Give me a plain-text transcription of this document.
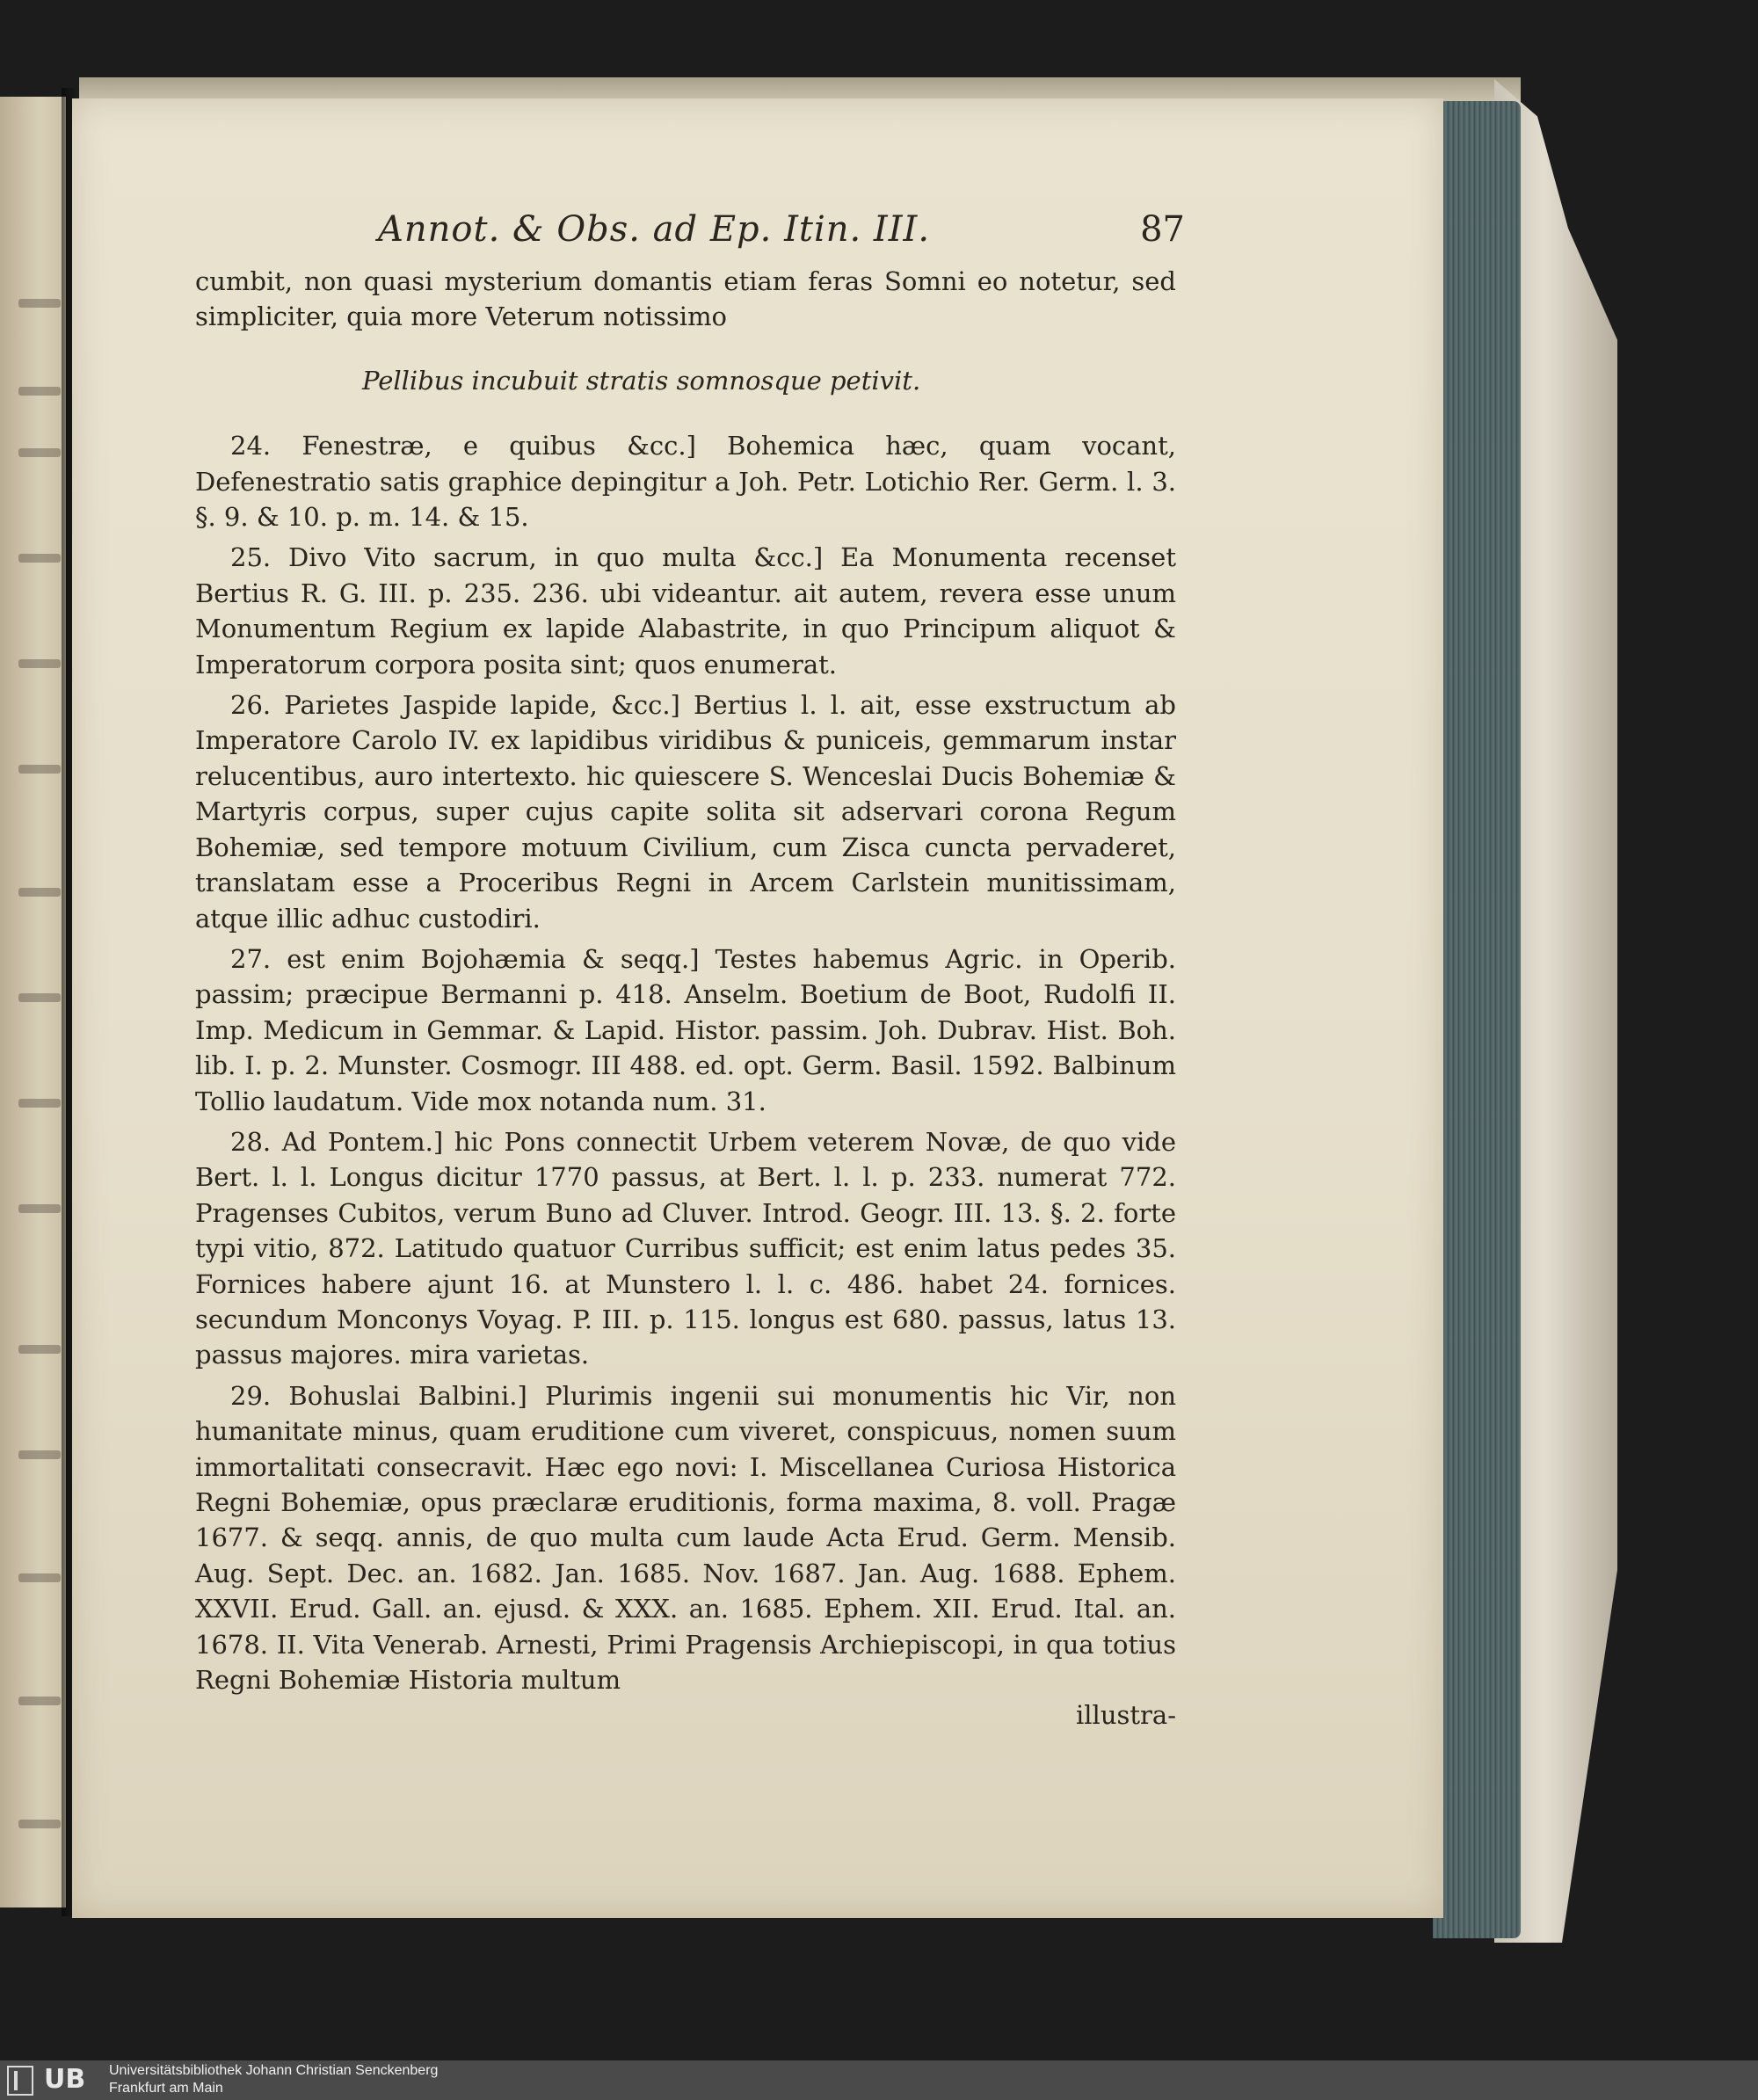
Annot. & Obs. ad Ep. Itin. III.	87

cumbit, non quasi mysterium domantis etiam feras Somni eo notetur, sed simpliciter, quia more Veterum notissimo

Pellibus incubuit stratis somnosque petivit.

24. Fenestræ, e quibus &cc.] Bohemica hæc, quam vocant, Defenestratio satis graphice depingitur a Joh. Petr. Lotichio Rer. Germ. l. 3. §. 9. & 10. p. m. 14. & 15.

25. Divo Vito sacrum, in quo multa &cc.] Ea Monumenta recenset Bertius R. G. III. p. 235. 236. ubi videantur. ait autem, revera esse unum Monumentum Regium ex lapide Alabastrite, in quo Principum aliquot & Imperatorum corpora posita sint; quos enumerat.

26. Parietes Jaspide lapide, &cc.] Bertius l. l. ait, esse exstructum ab Imperatore Carolo IV. ex lapidibus viridibus & puniceis, gemmarum instar relucentibus, auro intertexto. hic quiescere S. Wenceslai Ducis Bohemiæ & Martyris corpus, super cujus capite solita sit adservari corona Regum Bohemiæ, sed tempore motuum Civilium, cum Zisca cuncta pervaderet, translatam esse a Proceribus Regni in Arcem Carlstein munitissimam, atque illic adhuc custodiri.

27. est enim Bojohæmia & seqq.] Testes habemus Agric. in Operib. passim; præcipue Bermanni p. 418. Anselm. Boetium de Boot, Rudolfi II. Imp. Medicum in Gemmar. & Lapid. Histor. passim. Joh. Dubrav. Hist. Boh. lib. I. p. 2. Munster. Cosmogr. III 488. ed. opt. Germ. Basil. 1592. Balbinum Tollio laudatum. Vide mox notanda num. 31.

28. Ad Pontem.] hic Pons connectit Urbem veterem Novæ, de quo vide Bert. l. l. Longus dicitur 1770 passus, at Bert. l. l. p. 233. numerat 772. Pragenses Cubitos, verum Buno ad Cluver. Introd. Geogr. III. 13. §. 2. forte typi vitio, 872. Latitudo quatuor Curribus sufficit; est enim latus pedes 35. Fornices habere ajunt 16. at Munstero l. l. c. 486. habet 24. fornices. secundum Monconys Voyag. P. III. p. 115. longus est 680. passus, latus 13. passus majores. mira varietas.

29. Bohuslai Balbini.] Plurimis ingenii sui monumentis hic Vir, non humanitate minus, quam eruditione cum viveret, conspicuus, nomen suum immortalitati consecravit. Hæc ego novi: I. Miscellanea Curiosa Historica Regni Bohemiæ, opus præclaræ eruditionis, forma maxima, 8. voll. Pragæ 1677. & seqq. annis, de quo multa cum laude Acta Erud. Germ. Mensib. Aug. Sept. Dec. an. 1682. Jan. 1685. Nov. 1687. Jan. Aug. 1688. Ephem. XXVII. Erud. Gall. an. ejusd. & XXX. an. 1685. Ephem. XII. Erud. Ital. an. 1678. II. Vita Venerab. Arnesti, Primi Pragensis Archiepiscopi, in qua totius Regni Bohemiæ Historia multum

illustra-

UB Universitätsbibliothek Johann Christian Senckenberg
Frankfurt am Main
